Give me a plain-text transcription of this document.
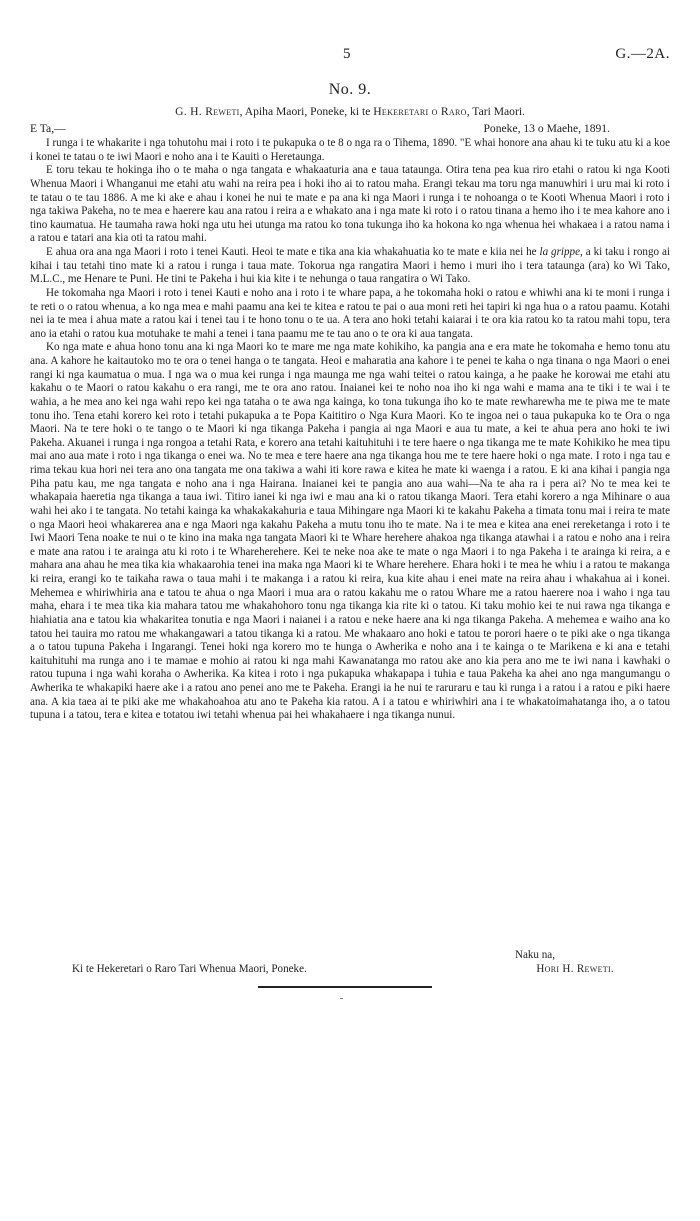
5	G.—2A.
No. 9.
G. H. Reweti, Apiha Maori, Poneke, ki te Hekeretari o Raro, Tari Maori.
E Ta,—	Poneke, 13 o Maehe, 1891.

I runga i te whakarite i nga tohutohu mai i roto i te pukapuka o te 8 o nga ra o Tihema, 1890. "E whai honore ana ahau ki te tuku atu ki a koe i konei te tatau o te iwi Maori e noho ana i te Kauiti o Heretaunga.

E toru tekau te hokinga iho o te maha o nga tangata e whakaaturia ana e taua tataunga. Otira tena pea kua riro etahi o ratou ki nga Kooti Whenua Maori i Whanganui me etahi atu wahi na reira pea i hoki iho ai to ratou maha. Erangi tekau ma toru nga manuwhiri i uru mai ki roto i te tatau o te tau 1886. A me ki ake e ahau i konei he nui te mate e pa ana ki nga Maori i runga i te nohoanga o te Kooti Whenua Maori i roto i nga takiwa Pakeha, no te mea e haerere kau ana ratou i reira a e whakato ana i nga mate ki roto i o ratou tinana a hemo iho i te mea kahore ano i tino kaumatua. He taumaha rawa hoki nga utu hei utunga ma ratou ko tona tukunga iho ka hokona ko nga whenua hei whakaea i a ratou nama i a ratou e tatari ana kia oti ta ratou mahi.

E ahua ora ana nga Maori i roto i tenei Kauti. Heoi te mate e tika ana kia whakahuatia ko te mate e kiia nei he la grippe, a ki taku i rongo ai kihai i tau tetahi tino mate ki a ratou i runga i taua mate. Tokorua nga rangatira Maori i hemo i muri iho i tera tataunga (ara) ko Wi Tako, M.L.C., me Henare te Puni. He tini te Pakeha i hui kia kite i te nehunga o taua rangatira o Wi Tako.

He tokomaha nga Maori i roto i tenei Kauti e noho ana i roto i te whare papa, a he tokomaha hoki o ratou e whiwhi ana ki te moni i runga i te reti o o ratou whenua, a ko nga mea e mahi paamu ana kei te kitea e ratou te pai o aua moni reti hei tapiri ki nga hua o a ratou paamu. Kotahi nei ia te mea i ahua mate a ratou kai i tenei tau i te hono tonu o te ua. A tera ano hoki tetahi kaiarai i te ora kia ratou ko ta ratou mahi topu, tera ano ia etahi o ratou kua motuhake te mahi a tenei i tana paamu me te tau ano o te ora ki aua tangata.

Ko nga mate e ahua hono tonu ana ki nga Maori ko te mare me nga mate kohikiho, ka pangia ana e era mate he tokomaha e hemo tonu atu ana. A kahore he kaitautoko mo te ora o tenei hanga o te tangata. Heoi e maharatia ana kahore i te penei te kaha o nga tinana o nga Maori o enei rangi ki nga kaumatua o mua. I nga wa o mua kei runga i nga maunga me nga wahi teitei o ratou kainga, a he paake he korowai me etahi atu kakahu o te Maori o ratou kakahu o era rangi, me te ora ano ratou. Inaianei kei te noho noa iho ki nga wahi e mama ana te tiki i te wai i te wahia, a he mea ano kei nga wahi repo kei nga tataha o te awa nga kainga, ko tona tukunga iho ko te mate rewharewha me te piwa me te mate tonu iho. Tena etahi korero kei roto i tetahi pukapuka a te Popa Kaititiro o Nga Kura Maori. Ko te ingoa nei o taua pukapuka ko te Ora o nga Maori. Na te tere hoki o te tango o te Maori ki nga tikanga Pakeha i pangia ai nga Maori e aua tu mate, a kei te ahua pera ano hoki te iwi Pakeha. Akuanei i runga i nga rongoa a tetahi Rata, e korero ana tetahi kaituhituhi i te tere haere o nga tikanga me te mate Kohikiko he mea tipu mai ano aua mate i roto i nga tikanga o enei wa. No te mea e tere haere ana nga tikanga hou me te tere haere hoki o nga mate. I roto i nga tau e rima tekau kua hori nei tera ano ona tangata me ona takiwa a wahi iti kore rawa e kitea he mate ki waenga i a ratou. E ki ana kihai i pangia nga Piha patu kau, me nga tangata e noho ana i nga Hairana. Inaianei kei te pangia ano aua wahi—Na te aha ra i pera ai? No te mea kei te whakapaia haeretia nga tikanga a taua iwi. Titiro ianei ki nga iwi e mau ana ki o ratou tikanga Maori. Tera etahi korero a nga Mihinare o aua wahi hei ako i te tangata. No tetahi kainga ka whakakakahuria e taua Mihingare nga Maori ki te kakahu Pakeha a timata tonu mai i reira te mate o nga Maori heoi whakarerea ana e nga Maori nga kakahu Pakeha a mutu tonu iho te mate. Na i te mea e kitea ana enei rereketanga i roto i te Iwi Maori Tena noake te nui o te kino ina maka nga tangata Maori ki te Whare herehere ahakoa nga tikanga atawhai i a ratou e noho ana i reira e mate ana ratou i te arainga atu ki roto i te Whareherehere. Kei te neke noa ake te mate o nga Maori i to nga Pakeha i te arainga ki reira, a e mahara ana ahau he mea tika kia whakaarohia tenei ina maka nga Maori ki te Whare herehere. Ehara hoki i te mea he whiu i a ratou te makanga ki reira, erangi ko te taikaha rawa o taua mahi i te makanga i a ratou ki reira, kua kite ahau i enei mate na reira ahau i whakahua ai i konei. Mehemea e whiriwhiria ana e tatou te ahua o nga Maori i mua ara o ratou kakahu me o ratou Whare me a ratou haerere noa i waho i nga tau maha, ehara i te mea tika kia mahara tatou me whakahohoro tonu nga tikanga kia rite ki o tatou. Ki taku mohio kei te nui rawa nga tikanga e hiahiatia ana e tatou kia whakaritea tonutia e nga Maori i naianei i a ratou e neke haere ana ki nga tikanga Pakeha. A mehemea e waiho ana ko tatou hei tauira mo ratou me whakangawari a tatou tikanga ki a ratou. Me whakaaro ano hoki e tatou te porori haere o te piki ake o nga tikanga a o tatou tupuna Pakeha i Ingarangi. Tenei hoki nga korero mo te hunga o Awherika e noho ana i te kainga o te Marikena e ki ana e tetahi kaituhituhi ma runga ano i te mamae e mohio ai ratou ki nga mahi Kawanatanga mo ratou ake ano kia pera ano me te iwi nana i kawhaki o ratou tupuna i nga wahi koraha o Awherika. Ka kitea i roto i nga pukapuka whakapapa i tuhia e taua Pakeha ka ahei ano nga mangumangu o Awherika te whakapiki haere ake i a ratou ano penei ano me te Pakeha. Erangi ia he nui te raruraru e tau ki runga i a ratou i a ratou e piki haere ana. A kia taea ai te piki ake me whakahoahoa atu ano te Pakeha kia ratou. A i a tatou e whiriwhiri ana i te whakatoimahatanga iho, a o tatou tupuna i a tatou, tera e kitea e totatou iwi tetahi whenua pai hei whakahaere i nga tikanga nunui.

Naku na,
Ki te Hekeretari o Raro Tari Whenua Maori, Poneke.	Hori H. Reweti.
